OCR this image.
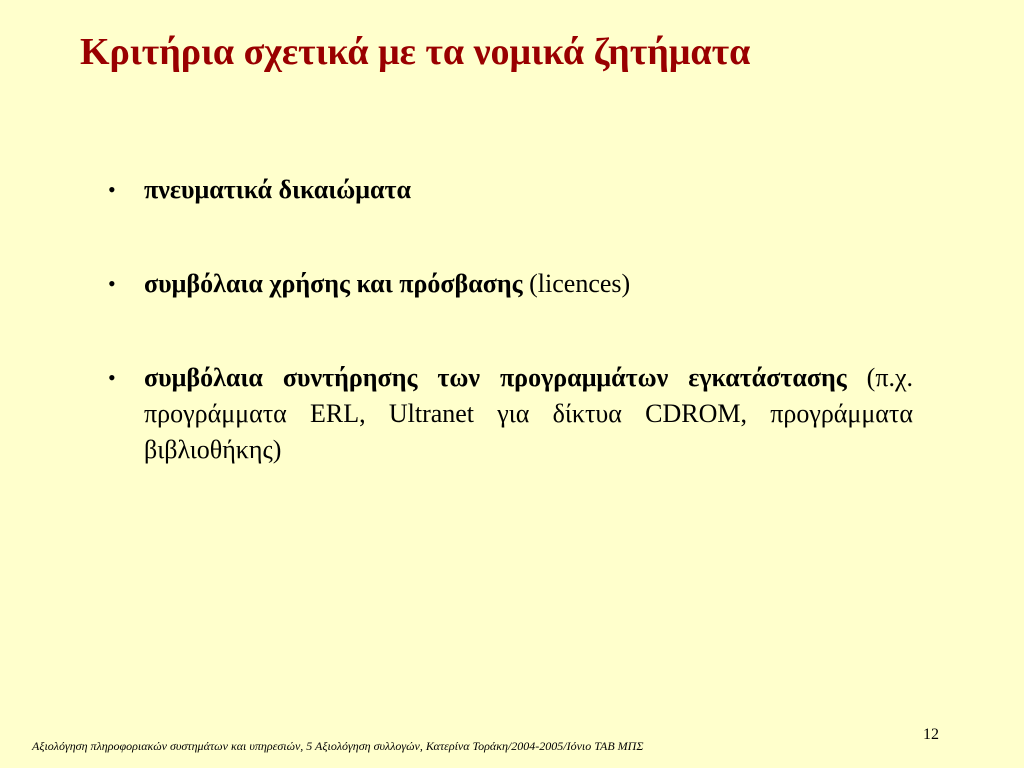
Κριτήρια σχετικά με τα νομικά ζητήματα
• πνευματικά δικαιώματα
• συμβόλαια χρήσης και πρόσβασης (licences)
• συμβόλαια συντήρησης των προγραμμάτων εγκατάστασης (π.χ. προγράμματα ERL, Ultranet για δίκτυα CDROM, προγράμματα βιβλιοθήκης)
12
Αξιολόγηση πληροφοριακών συστημάτων και υπηρεσιών, 5 Αξιολόγηση συλλογών, Κατερίνα Τοράκη/2004-2005/Ιόνιο ΤΑΒ ΜΠΣ
